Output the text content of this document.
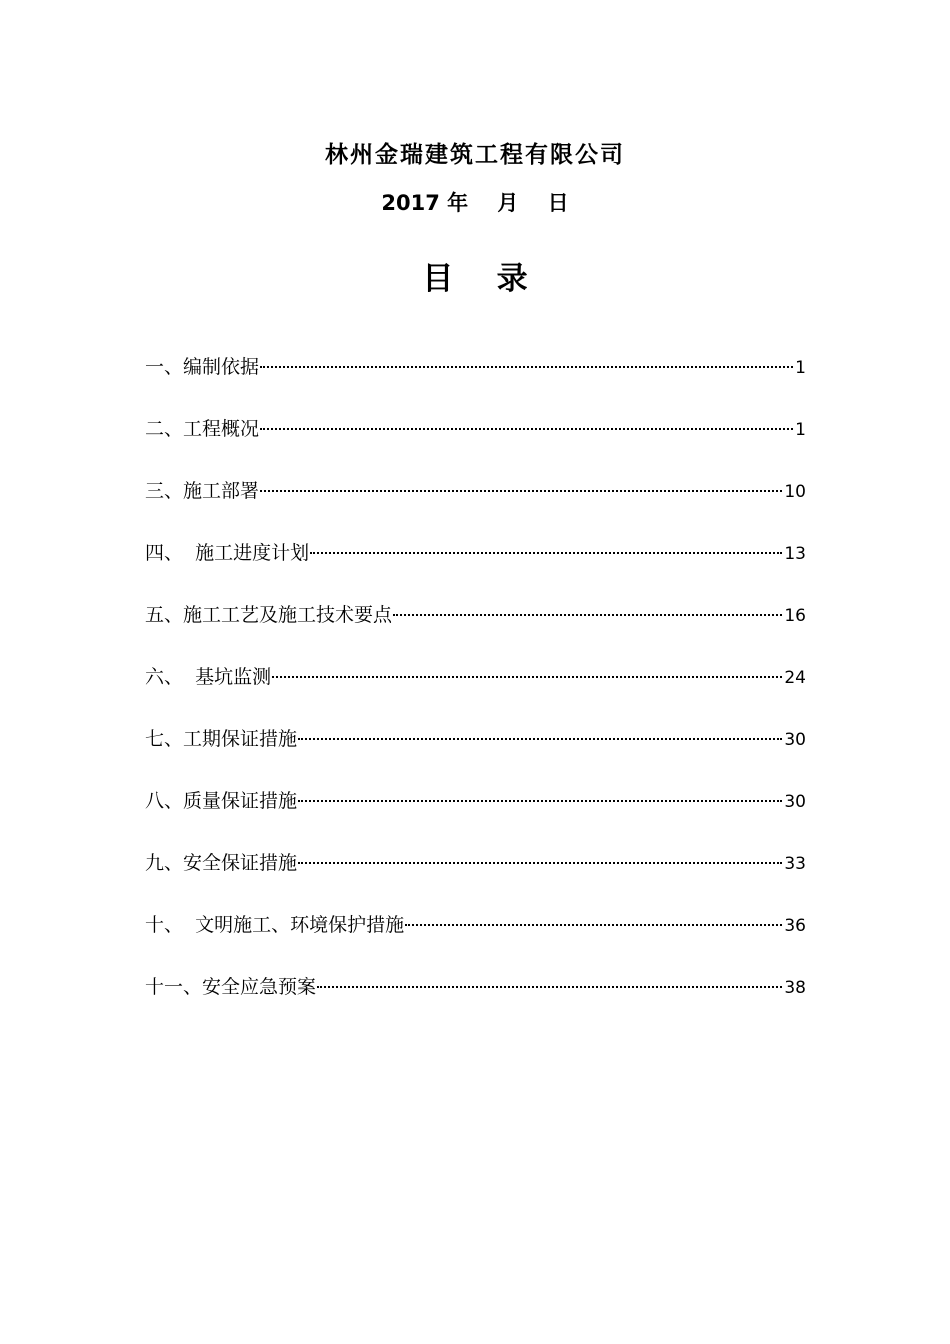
林州金瑞建筑工程有限公司
2017 年    月    日
目    录
一、编制依据	1
二、工程概况	1
三、施工部署	10
四、  施工进度计划	13
五、施工工艺及施工技术要点	16
六、  基坑监测	24
七、工期保证措施	30
八、质量保证措施	30
九、安全保证措施	33
十、  文明施工、环境保护措施	36
十一、安全应急预案	38
